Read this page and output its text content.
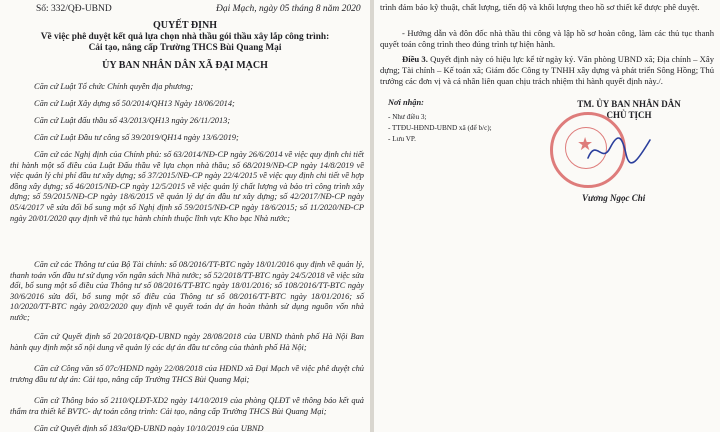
Số: 332/QĐ-UBND	Đại Mạch, ngày 05 tháng 8 năm 2020
QUYẾT ĐỊNH
Về việc phê duyệt kết quả lựa chọn nhà thầu gói thầu xây lắp công trình:
Cải tạo, nâng cấp Trường THCS Bùi Quang Mại
ỦY BAN NHÂN DÂN XÃ ĐẠI MẠCH
Căn cứ Luật Tổ chức Chính quyền địa phương;
Căn cứ Luật Xây dựng số 50/2014/QH13 Ngày 18/06/2014;
Căn cứ Luật đấu thầu số 43/2013/QH13 ngày 26/11/2013;
Căn cứ Luật Đầu tư công số 39/2019/QH14 ngày 13/6/2019;
Căn cứ các Nghị định của Chính phủ: số 63/2014/NĐ-CP ngày 26/6/2014 về việc quy định chi tiết thi hành một số điều của Luật Đấu thầu về lựa chọn nhà thầu; số 68/2019/NĐ-CP ngày 14/8/2019 về việc quản lý chi phí đầu tư xây dựng; số 37/2015/NĐ-CP ngày 22/4/2015 về việc quy định chi tiết về hợp đồng xây dựng; số 46/2015/NĐ-CP ngày 12/5/2015 về việc quản lý chất lượng và bảo trì công trình xây dựng; số 59/2015/NĐ-CP ngày 18/6/2015 về quản lý dự án đầu tư xây dựng; số 42/2017/NĐ-CP ngày 05/4/2017 về sửa đổi bổ sung một số Nghị định số 59/2015/NĐ-CP ngày 18/6/2015; số 11/2020/NĐ-CP ngày 20/01/2020 quy định về thủ tục hành chính thuộc lĩnh vực Kho bạc Nhà nước;
Căn cứ các Thông tư của Bộ Tài chính: số 08/2016/TT-BTC ngày 18/01/2016 quy định về quản lý, thanh toán vốn đầu tư sử dụng vốn ngân sách Nhà nước; số 52/2018/TT-BTC ngày 24/5/2018 về việc sửa đổi, bổ sung một số điều của Thông tư số 08/2016/TT-BTC ngày 18/01/2016; số 108/2016/TT-BTC ngày 30/6/2016 sửa đổi, bổ sung một số điều của Thông tư số 08/2016/TT-BTC ngày 18/01/2016; số 10/2020/TT-BTC ngày 20/02/2020 quy định về quyết toán dự án hoàn thành sử dụng nguồn vốn nhà nước;
Căn cứ Quyết định số 20/2018/QĐ-UBND ngày 28/08/2018 của UBND thành phố Hà Nội Ban hành quy định một số nội dung về quản lý các dự án đầu tư công của thành phố Hà Nội;
Căn cứ Công văn số 07c/HĐND ngày 22/08/2018 của HĐND xã Đại Mạch về việc phê duyệt chủ trương đầu tư dự án: Cải tạo, nâng cấp Trường THCS Bùi Quang Mại;
Căn cứ Thông báo số 2110/QLĐT-XD2 ngày 14/10/2019 của phòng QLĐT về thông báo kết quả thẩm tra thiết kế BVTC- dự toán công trình: Cải tạo, nâng cấp Trường THCS Bùi Quang Mại;
Căn cứ Quyết định số 183a/QĐ-UBND ngày 10/10/2019 của UBND
trình đảm bảo kỹ thuật, chất lượng, tiến độ và khối lượng theo hồ sơ thiết kế được phê duyệt.
- Hướng dẫn và đôn đốc nhà thầu thi công và lập hồ sơ hoàn công, làm các thủ tục thanh quyết toán công trình theo đúng trình tự hiện hành.
Điều 3. Quyết định này có hiệu lực kể từ ngày ký. Văn phòng UBND xã; Địa chính – Xây dựng; Tài chính – Kế toán xã; Giám đốc Công ty TNHH xây dựng và phát triển Sông Hồng; Thủ trưởng các đơn vị và cá nhân liên quan chịu trách nhiệm thi hành quyết định này./.
Nơi nhận:
- Như điều 3;
- TTĐU-HĐND-UBND xã (để b/c);
- Lưu VP.
TM. ỦY BAN NHÂN DÂN
CHỦ TỊCH
★
Vương Ngọc Chi
